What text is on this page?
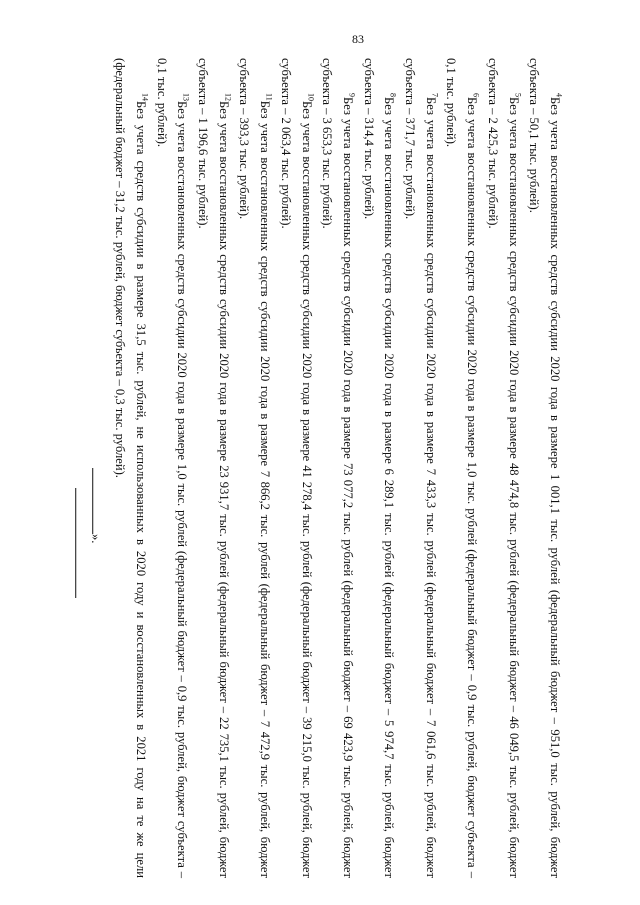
83

$^4$Без учета восстановленных средств субсидии 2020 года в размере 1 001,1 тыс. рублей (федеральный бюджет – 951,0 тыс. рублей, бюджет субъекта – 50,1 тыс. рублей).

$^5$Без учета восстановленных средств субсидии 2020 года в размере 48 474,8 тыс. рублей (федеральный бюджет – 46 049,5 тыс. рублей, бюджет субъекта – 2 425,3 тыс. рублей).

$^6$Без учета восстановленных средств субсидии 2020 года в размере 1,0 тыс. рублей (федеральный бюджет – 0,9 тыс. рублей, бюджет субъекта – 0,1 тыс. рублей).

$^7$Без учета восстановленных средств субсидии 2020 года в размере 7 433,3 тыс. рублей (федеральный бюджет – 7 061,6 тыс. рублей, бюджет субъекта – 371,7 тыс. рублей).

$^8$Без учета восстановленных средств субсидии 2020 года в размере 6 289,1 тыс. рублей (федеральный бюджет – 5 974,7 тыс. рублей, бюджет субъекта – 314,4 тыс. рублей).

$^9$Без учета восстановленных средств субсидии 2020 года в размере 73 077,2 тыс. рублей (федеральный бюджет – 69 423,9 тыс. рублей, бюджет субъекта – 3 653,3 тыс. рублей).

$^{10}$Без учета восстановленных средств субсидии 2020 года в размере 41 278,4 тыс. рублей (федеральный бюджет – 39 215,0 тыс. рублей, бюджет субъекта – 2 063,4 тыс. рублей).

$^{11}$Без учета восстановленных средств субсидии 2020 года в размере 7 866,2 тыс. рублей (федеральный бюджет – 7 472,9 тыс. рублей, бюджет субъекта – 393,3 тыс. рублей).

$^{12}$Без учета восстановленных средств субсидии 2020 года в размере 23 931,7 тыс. рублей (федеральный бюджет – 22 735,1 тыс. рублей, бюджет субъекта – 1 196,6 тыс. рублей).

$^{13}$Без учета восстановленных средств субсидии 2020 года в размере 1,0 тыс. рублей (федеральный бюджет – 0,9 тыс. рублей, бюджет субъекта – 0,1 тыс. рублей).

$^{14}$Без учета средств субсидии в размере 31,5 тыс. рублей, не использованных в 2020 году и восстановленных в 2021 году на те же цели (федеральный бюджет – 31,2 тыс. рублей, бюджет субъекта – 0,3 тыс. рублей).

».
